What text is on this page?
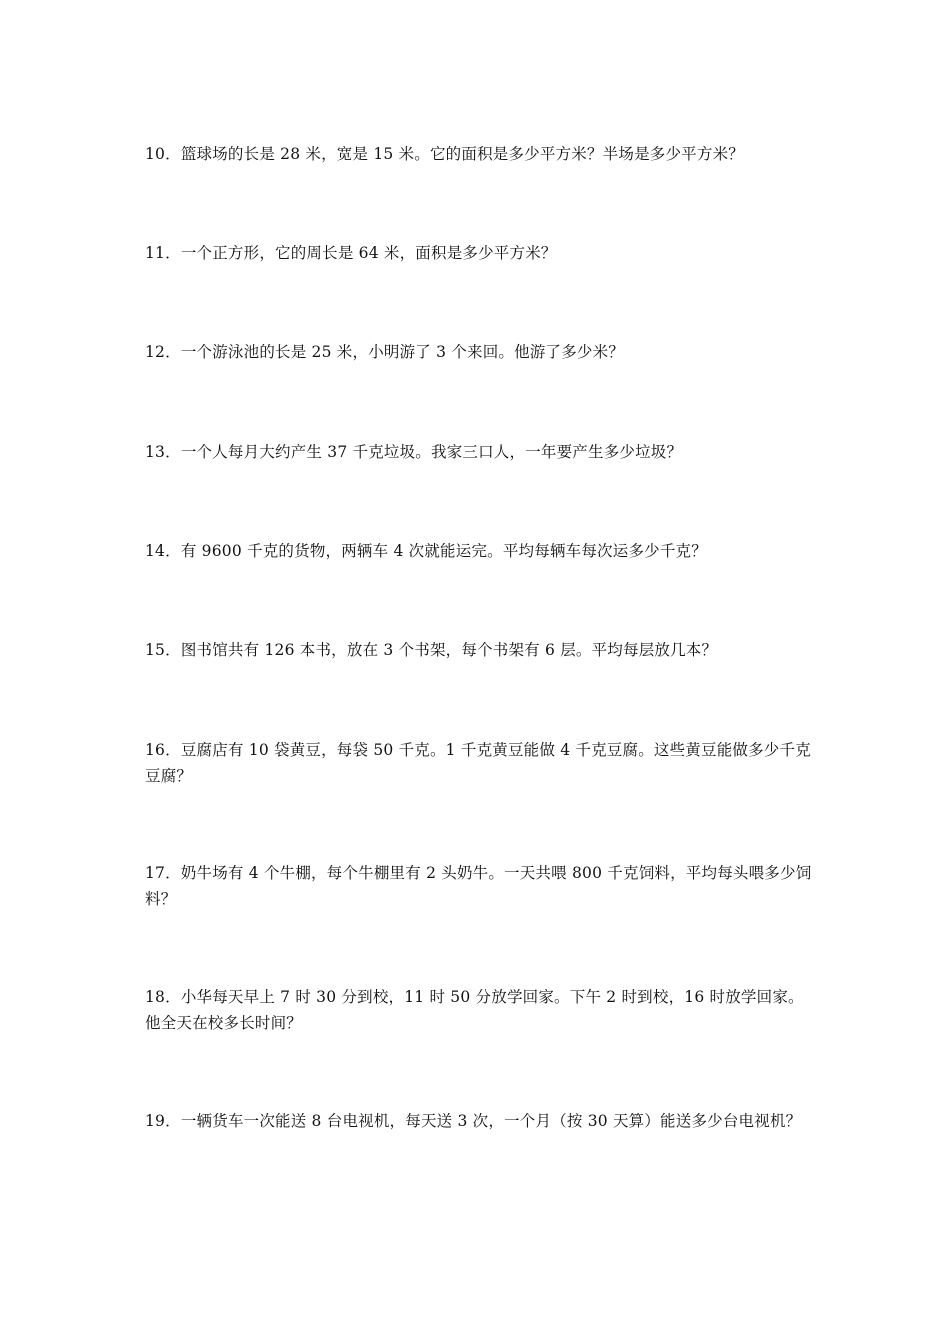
10．篮球场的长是 28 米，宽是 15 米。它的面积是多少平方米？半场是多少平方米？

11．一个正方形，它的周长是 64 米，面积是多少平方米？

12．一个游泳池的长是 25 米，小明游了 3 个来回。他游了多少米？

13．一个人每月大约产生 37 千克垃圾。我家三口人，一年要产生多少垃圾？

14．有 9600 千克的货物，两辆车 4 次就能运完。平均每辆车每次运多少千克？

15．图书馆共有 126 本书，放在 3 个书架，每个书架有 6 层。平均每层放几本？

16．豆腐店有 10 袋黄豆，每袋 50 千克。1 千克黄豆能做 4 千克豆腐。这些黄豆能做多少千克豆腐？

17．奶牛场有 4 个牛棚，每个牛棚里有 2 头奶牛。一天共喂 800 千克饲料，平均每头喂多少饲料？

18．小华每天早上 7 时 30 分到校，11 时 50 分放学回家。下午 2 时到校，16 时放学回家。他全天在校多长时间？

19．一辆货车一次能送 8 台电视机，每天送 3 次，一个月（按 30 天算）能送多少台电视机？
